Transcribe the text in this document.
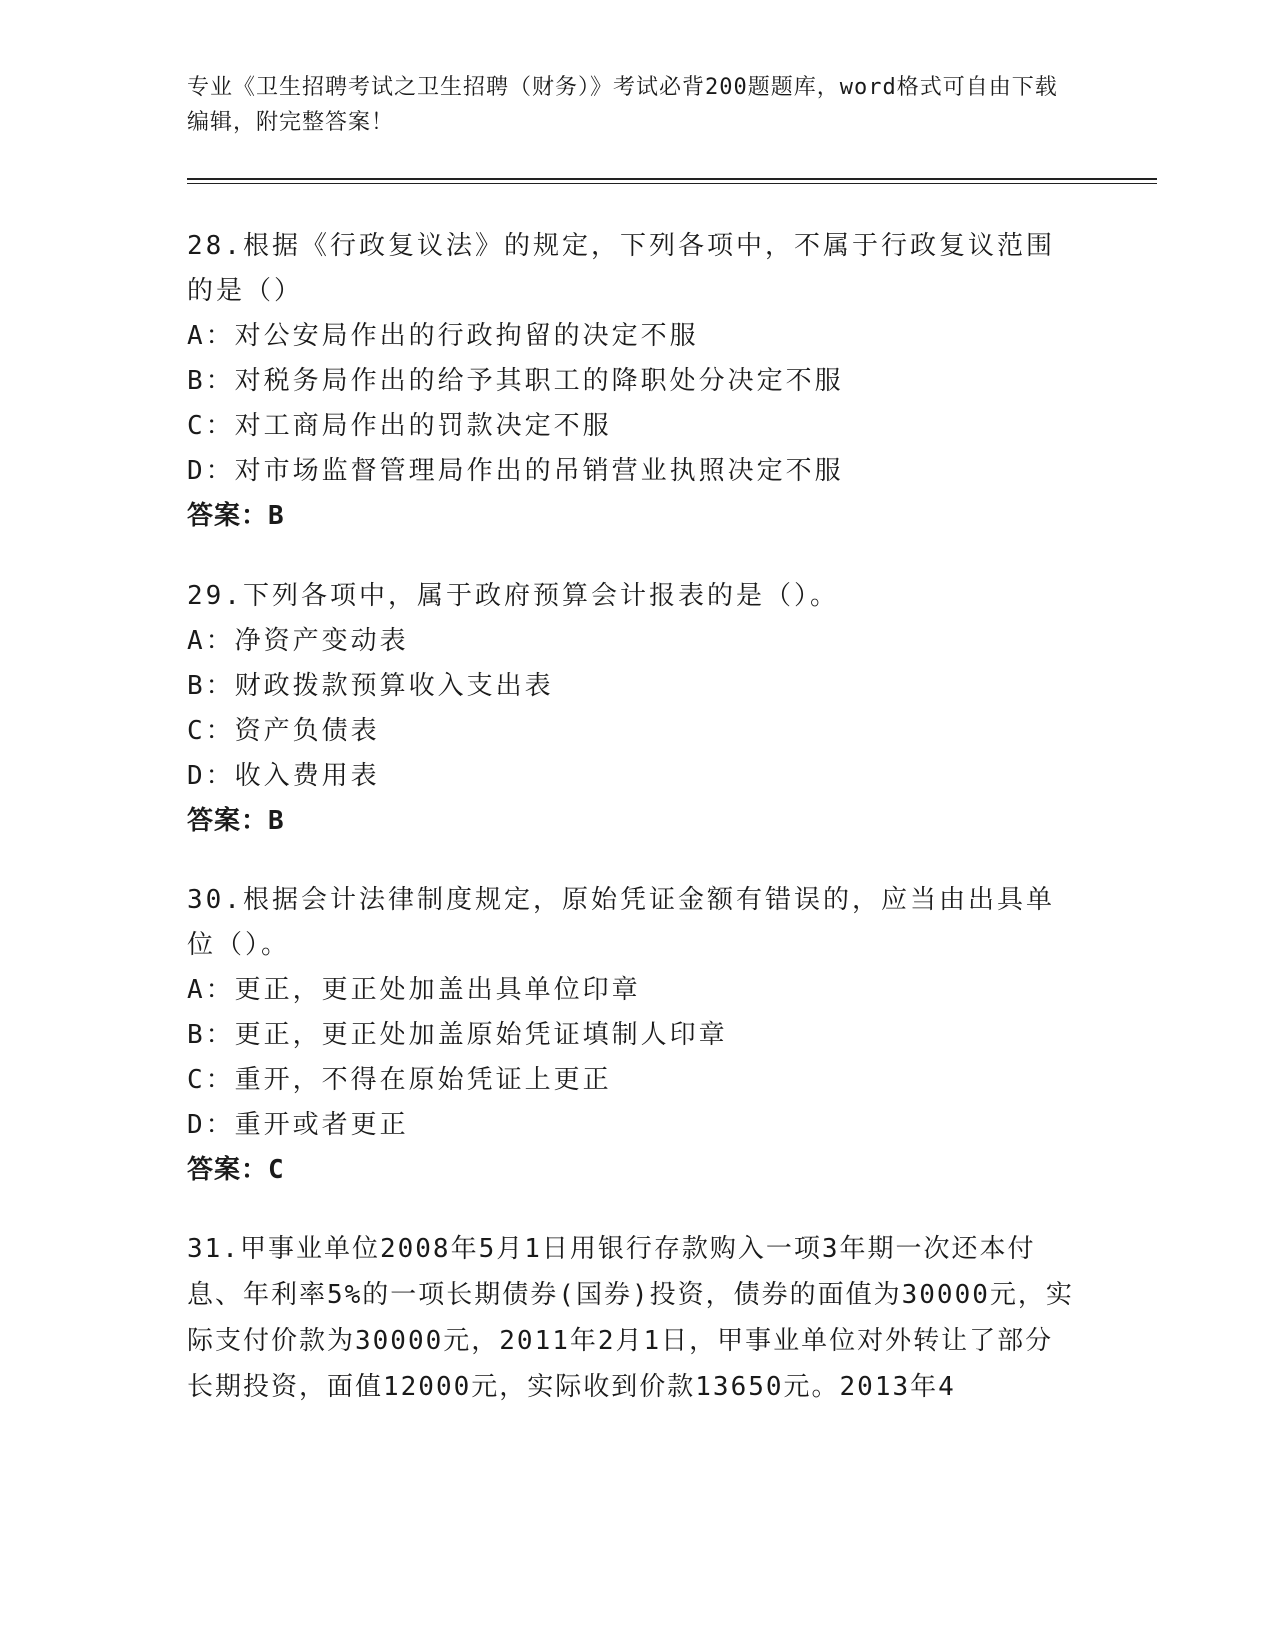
专业《卫生招聘考试之卫生招聘（财务）》考试必背200题题库，word格式可自由下载编辑，附完整答案！

28.根据《行政复议法》的规定，下列各项中，不属于行政复议范围的是（）

A：对公安局作出的行政拘留的决定不服

B：对税务局作出的给予其职工的降职处分决定不服

C：对工商局作出的罚款决定不服

D：对市场监督管理局作出的吊销营业执照决定不服

答案：B

29.下列各项中，属于政府预算会计报表的是（）。

A：净资产变动表

B：财政拨款预算收入支出表

C：资产负债表

D：收入费用表

答案：B

30.根据会计法律制度规定，原始凭证金额有错误的，应当由出具单位（）。

A：更正，更正处加盖出具单位印章

B：更正，更正处加盖原始凭证填制人印章

C：重开，不得在原始凭证上更正

D：重开或者更正

答案：C

31.甲事业单位2008年5月1日用银行存款购入一项3年期一次还本付息、年利率5%的一项长期债券(国券)投资，债券的面值为30000元，实际支付价款为30000元，2011年2月1日，甲事业单位对外转让了部分长期投资，面值12000元，实际收到价款13650元。2013年4
